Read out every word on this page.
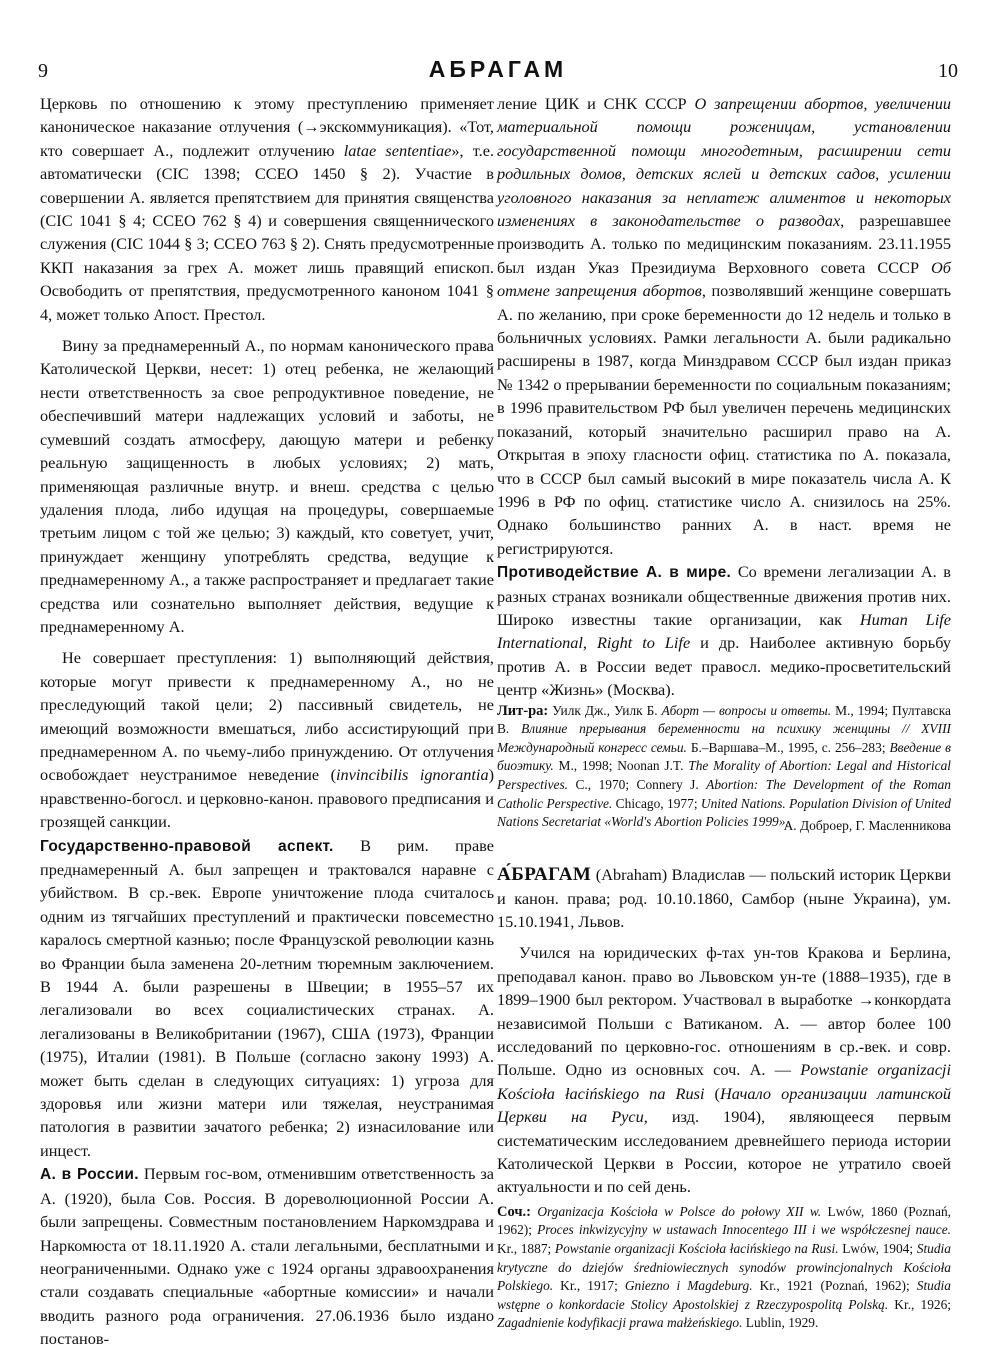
9	АБРАГАМ	10

Церковь по отношению к этому преступлению применяет каноническое наказание отлучения (→экскоммуникация). «Тот, кто совершает А., подлежит отлучению latae sententiae», т.е. автоматически (CIC 1398; CCEO 1450 § 2). Участие в совершении А. является препятствием для принятия священства (CIC 1041 § 4; CCEO 762 § 4) и совершения священнического служения (CIC 1044 § 3; CCEO 763 § 2). Снять предусмотренные ККП наказания за грех А. может лишь правящий епископ. Освободить от препятствия, предусмотренного каноном 1041 § 4, может только Апост. Престол.

Вину за преднамеренный А., по нормам канонического права Католической Церкви, несет: 1) отец ребенка, не желающий нести ответственность за свое репродуктивное поведение, не обеспечивший матери надлежащих условий и заботы, не сумевший создать атмосферу, дающую матери и ребенку реальную защищенность в любых условиях; 2) мать, применяющая различные внутр. и внеш. средства с целью удаления плода, либо идущая на процедуры, совершаемые третьим лицом с той же целью; 3) каждый, кто советует, учит, принуждает женщину употреблять средства, ведущие к преднамеренному А., а также распространяет и предлагает такие средства или сознательно выполняет действия, ведущие к преднамеренному А.

Не совершает преступления: 1) выполняющий действия, которые могут привести к преднамеренному А., но не преследующий такой цели; 2) пассивный свидетель, не имеющий возможности вмешаться, либо ассистирующий при преднамеренном А. по чьему-либо принуждению. От отлучения освобождает неустранимое неведение (invincibilis ignorantia) нравственно-богосл. и церковно-канон. правового предписания и грозящей санкции.

Государственно-правовой аспект. В рим. праве преднамеренный А. был запрещен и трактовался наравне с убийством. В ср.-век. Европе уничтожение плода считалось одним из тягчайших преступлений и практически повсеместно каралось смертной казнью; после Французской революции казнь во Франции была заменена 20-летним тюремным заключением. В 1944 А. были разрешены в Швеции; в 1955–57 их легализовали во всех социалистических странах. А. легализованы в Великобритании (1967), США (1973), Франции (1975), Италии (1981). В Польше (согласно закону 1993) А. может быть сделан в следующих ситуациях: 1) угроза для здоровья или жизни матери или тяжелая, неустранимая патология в развитии зачатого ребенка; 2) изнасилование или инцест.

А. в России. Первым гос-вом, отменившим ответственность за А. (1920), была Сов. Россия. В дореволюционной России А. были запрещены. Совместным постановлением Наркомздрава и Наркомюста от 18.11.1920 А. стали легальными, бесплатными и неограниченными. Однако уже с 1924 органы здравоохранения стали создавать специальные «абортные комиссии» и начали вводить разного рода ограничения. 27.06.1936 было издано постанов-

ление ЦИК и СНК СССР О запрещении абортов, увеличении материальной помощи роженицам, установлении государственной помощи многодетным, расширении сети родильных домов, детских яслей и детских садов, усилении уголовного наказания за неплатеж алиментов и некоторых изменениях в законодательстве о разводах, разрешавшее производить А. только по медицинским показаниям. 23.11.1955 был издан Указ Президиума Верховного совета СССР Об отмене запрещения абортов, позволявший женщине совершать А. по желанию, при сроке беременности до 12 недель и только в больничных условиях. Рамки легальности А. были радикально расширены в 1987, когда Минздравом СССР был издан приказ № 1342 о прерывании беременности по социальным показаниям; в 1996 правительством РФ был увеличен перечень медицинских показаний, который значительно расширил право на А. Открытая в эпоху гласности офиц. статистика по А. показала, что в СССР был самый высокий в мире показатель числа А. К 1996 в РФ по офиц. статистике число А. снизилось на 25%. Однако большинство ранних А. в наст. время не регистрируются.

Противодействие А. в мире. Со времени легализации А. в разных странах возникали общественные движения против них. Широко известны такие организации, как Human Life International, Right to Life и др. Наиболее активную борьбу против А. в России ведет правосл. медико-просветительский центр «Жизнь» (Москва).

Лит-ра: Уилк Дж., Уилк Б. Аборт — вопросы и ответы. М., 1994; Пултавска В. Влияние прерывания беременности на психику женщины // XVIII Международный конгресс семьи. Б.–Варшава–М., 1995, с. 256–283; Введение в биоэтику. М., 1998; Noonan J.T. The Morality of Abortion: Legal and Historical Perspectives. C., 1970; Connery J. Abortion: The Development of the Roman Catholic Perspective. Chicago, 1977; United Nations. Population Division of United Nations Secretariat «World's Abortion Policies 1999».

А. Доброер, Г. Масленникова

А́БРАГАМ (Abraham) Владислав — польский историк Церкви и канон. права; род. 10.10.1860, Самбор (ныне Украина), ум. 15.10.1941, Львов.

Учился на юридических ф-тах ун-тов Кракова и Берлина, преподавал канон. право во Львовском ун-те (1888–1935), где в 1899–1900 был ректором. Участвовал в выработке →конкордата независимой Польши с Ватиканом. А. — автор более 100 исследований по церковно-гос. отношениям в ср.-век. и совр. Польше. Одно из основных соч. А. — Powstanie organizacji Kościoła łacińskiego na Rusi (Начало организации латинской Церкви на Руси, изд. 1904), являющееся первым систематическим исследованием древнейшего периода истории Католической Церкви в России, которое не утратило своей актуальности и по сей день.

Соч.: Organizacja Kościoła w Polsce do połowy XII w. Lwów, 1860 (Poznań, 1962); Proces inkwizycyjny w ustawach Innocentego III i we współczesnej nauce. Kr., 1887; Powstanie organizacji Kościoła łacińskiego na Rusi. Lwów, 1904; Studia krytyczne do dziejów średniowiecznych synodów prowincjonalnych Kościoła Polskiego. Kr., 1917; Gniezno i Magdeburg. Kr., 1921 (Poznań, 1962); Studia wstępne o konkordacie Stolicy Apostolskiej z Rzeczypospolitą Polską. Kr., 1926; Zagadnienie kodyfikacji prawa małżeńskiego. Lublin, 1929.
